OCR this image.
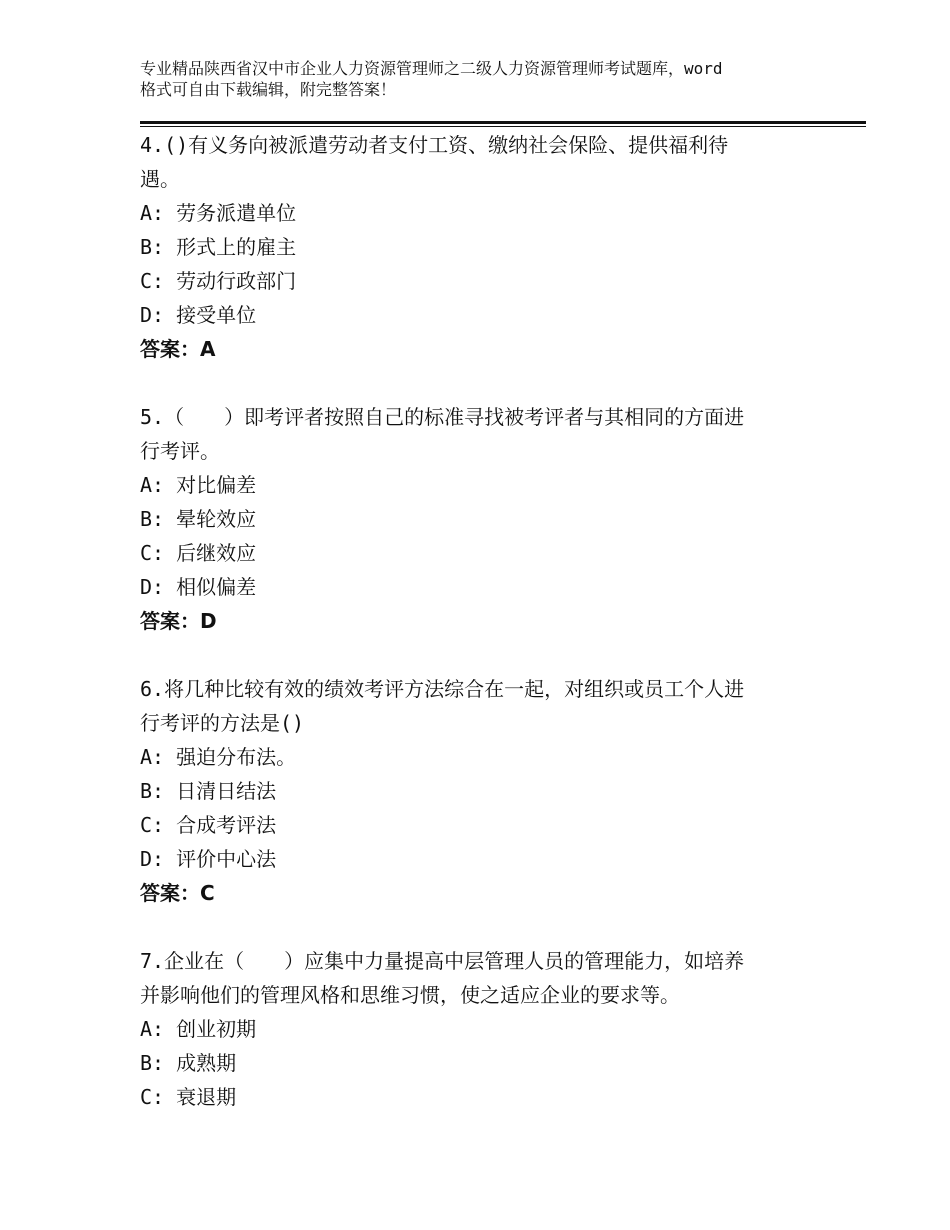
专业精品陕西省汉中市企业人力资源管理师之二级人力资源管理师考试题库，word
格式可自由下载编辑，附完整答案！
4.()有义务向被派遣劳动者支付工资、缴纳社会保险、提供福利待
遇。
A: 劳务派遣单位
B: 形式上的雇主
C: 劳动行政部门
D: 接受单位
答案：A
5.（　　）即考评者按照自己的标准寻找被考评者与其相同的方面进
行考评。
A: 对比偏差
B: 晕轮效应
C: 后继效应
D: 相似偏差
答案：D
6.将几种比较有效的绩效考评方法综合在一起，对组织或员工个人进
行考评的方法是()
A: 强迫分布法。
B: 日清日结法
C: 合成考评法
D: 评价中心法
答案：C
7.企业在（　　）应集中力量提高中层管理人员的管理能力，如培养
并影响他们的管理风格和思维习惯，使之适应企业的要求等。
A: 创业初期
B: 成熟期
C: 衰退期
